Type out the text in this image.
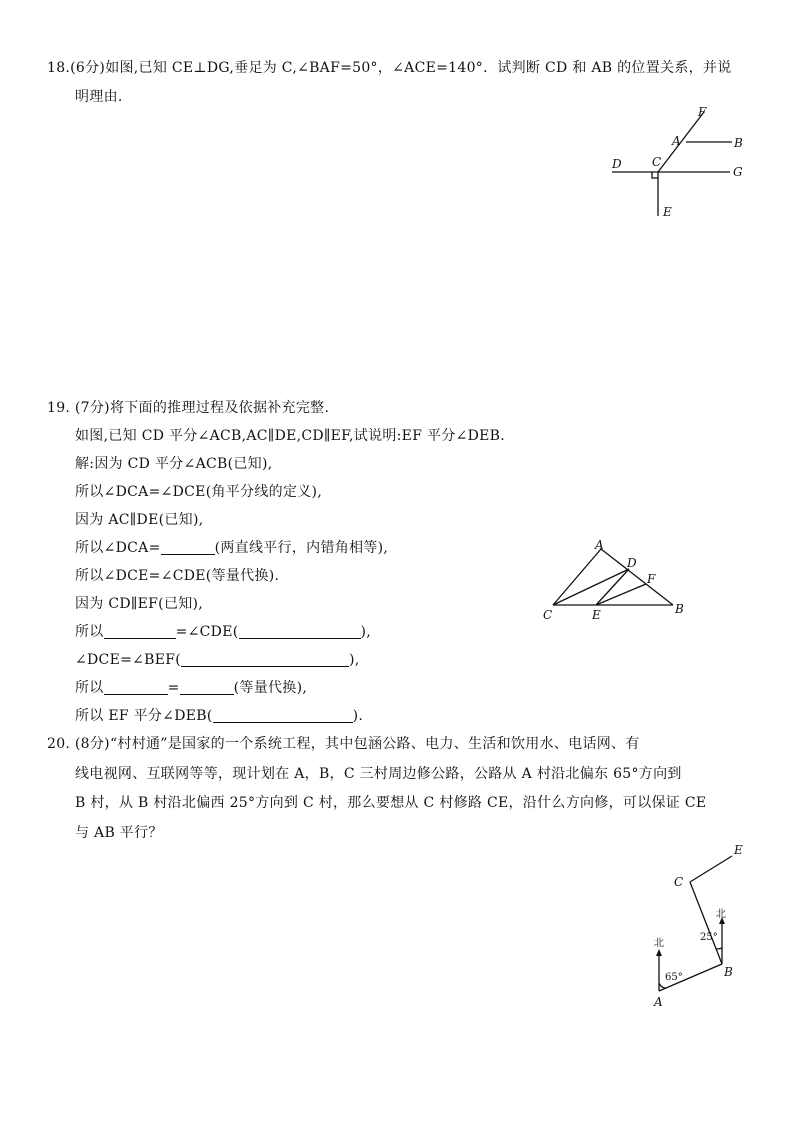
18.(6分)如图,已知 CE⊥DG,垂足为 C,∠BAF=50°，∠ACE=140°．试判断 CD 和 AB 的位置关系，并说
明理由.
F
A	B
D	C
G
E
19. (7分)将下面的推理过程及依据补充完整.
如图,已知 CD 平分∠ACB,AC∥DE,CD∥EF,试说明:EF 平分∠DEB.
解:因为 CD 平分∠ACB(已知),
所以∠DCA=∠DCE(角平分线的定义),
因为 AC∥DE(已知),
所以∠DCA=	(两直线平行，内错角相等),
所以∠DCE=∠CDE(等量代换).
因为 CD∥EF(已知),
所以	=∠CDE(	),
∠DCE=∠BEF(	),
所以	=	(等量代换),
所以 EF 平分∠DEB(	).
A
D
F
C	E	B
20. (8分)“村村通”是国家的一个系统工程，其中包涵公路、电力、生活和饮用水、电话网、有
线电视网、互联网等等，现计划在 A，B，C 三村周边修公路，公路从 A 村沿北偏东 65°方向到
B 村，从 B 村沿北偏西 25°方向到 C 村，那么要想从 C 村修路 CE，沿什么方向修，可以保证 CE
与 AB 平行？
E
C
北
25°
北
65°	B
A
